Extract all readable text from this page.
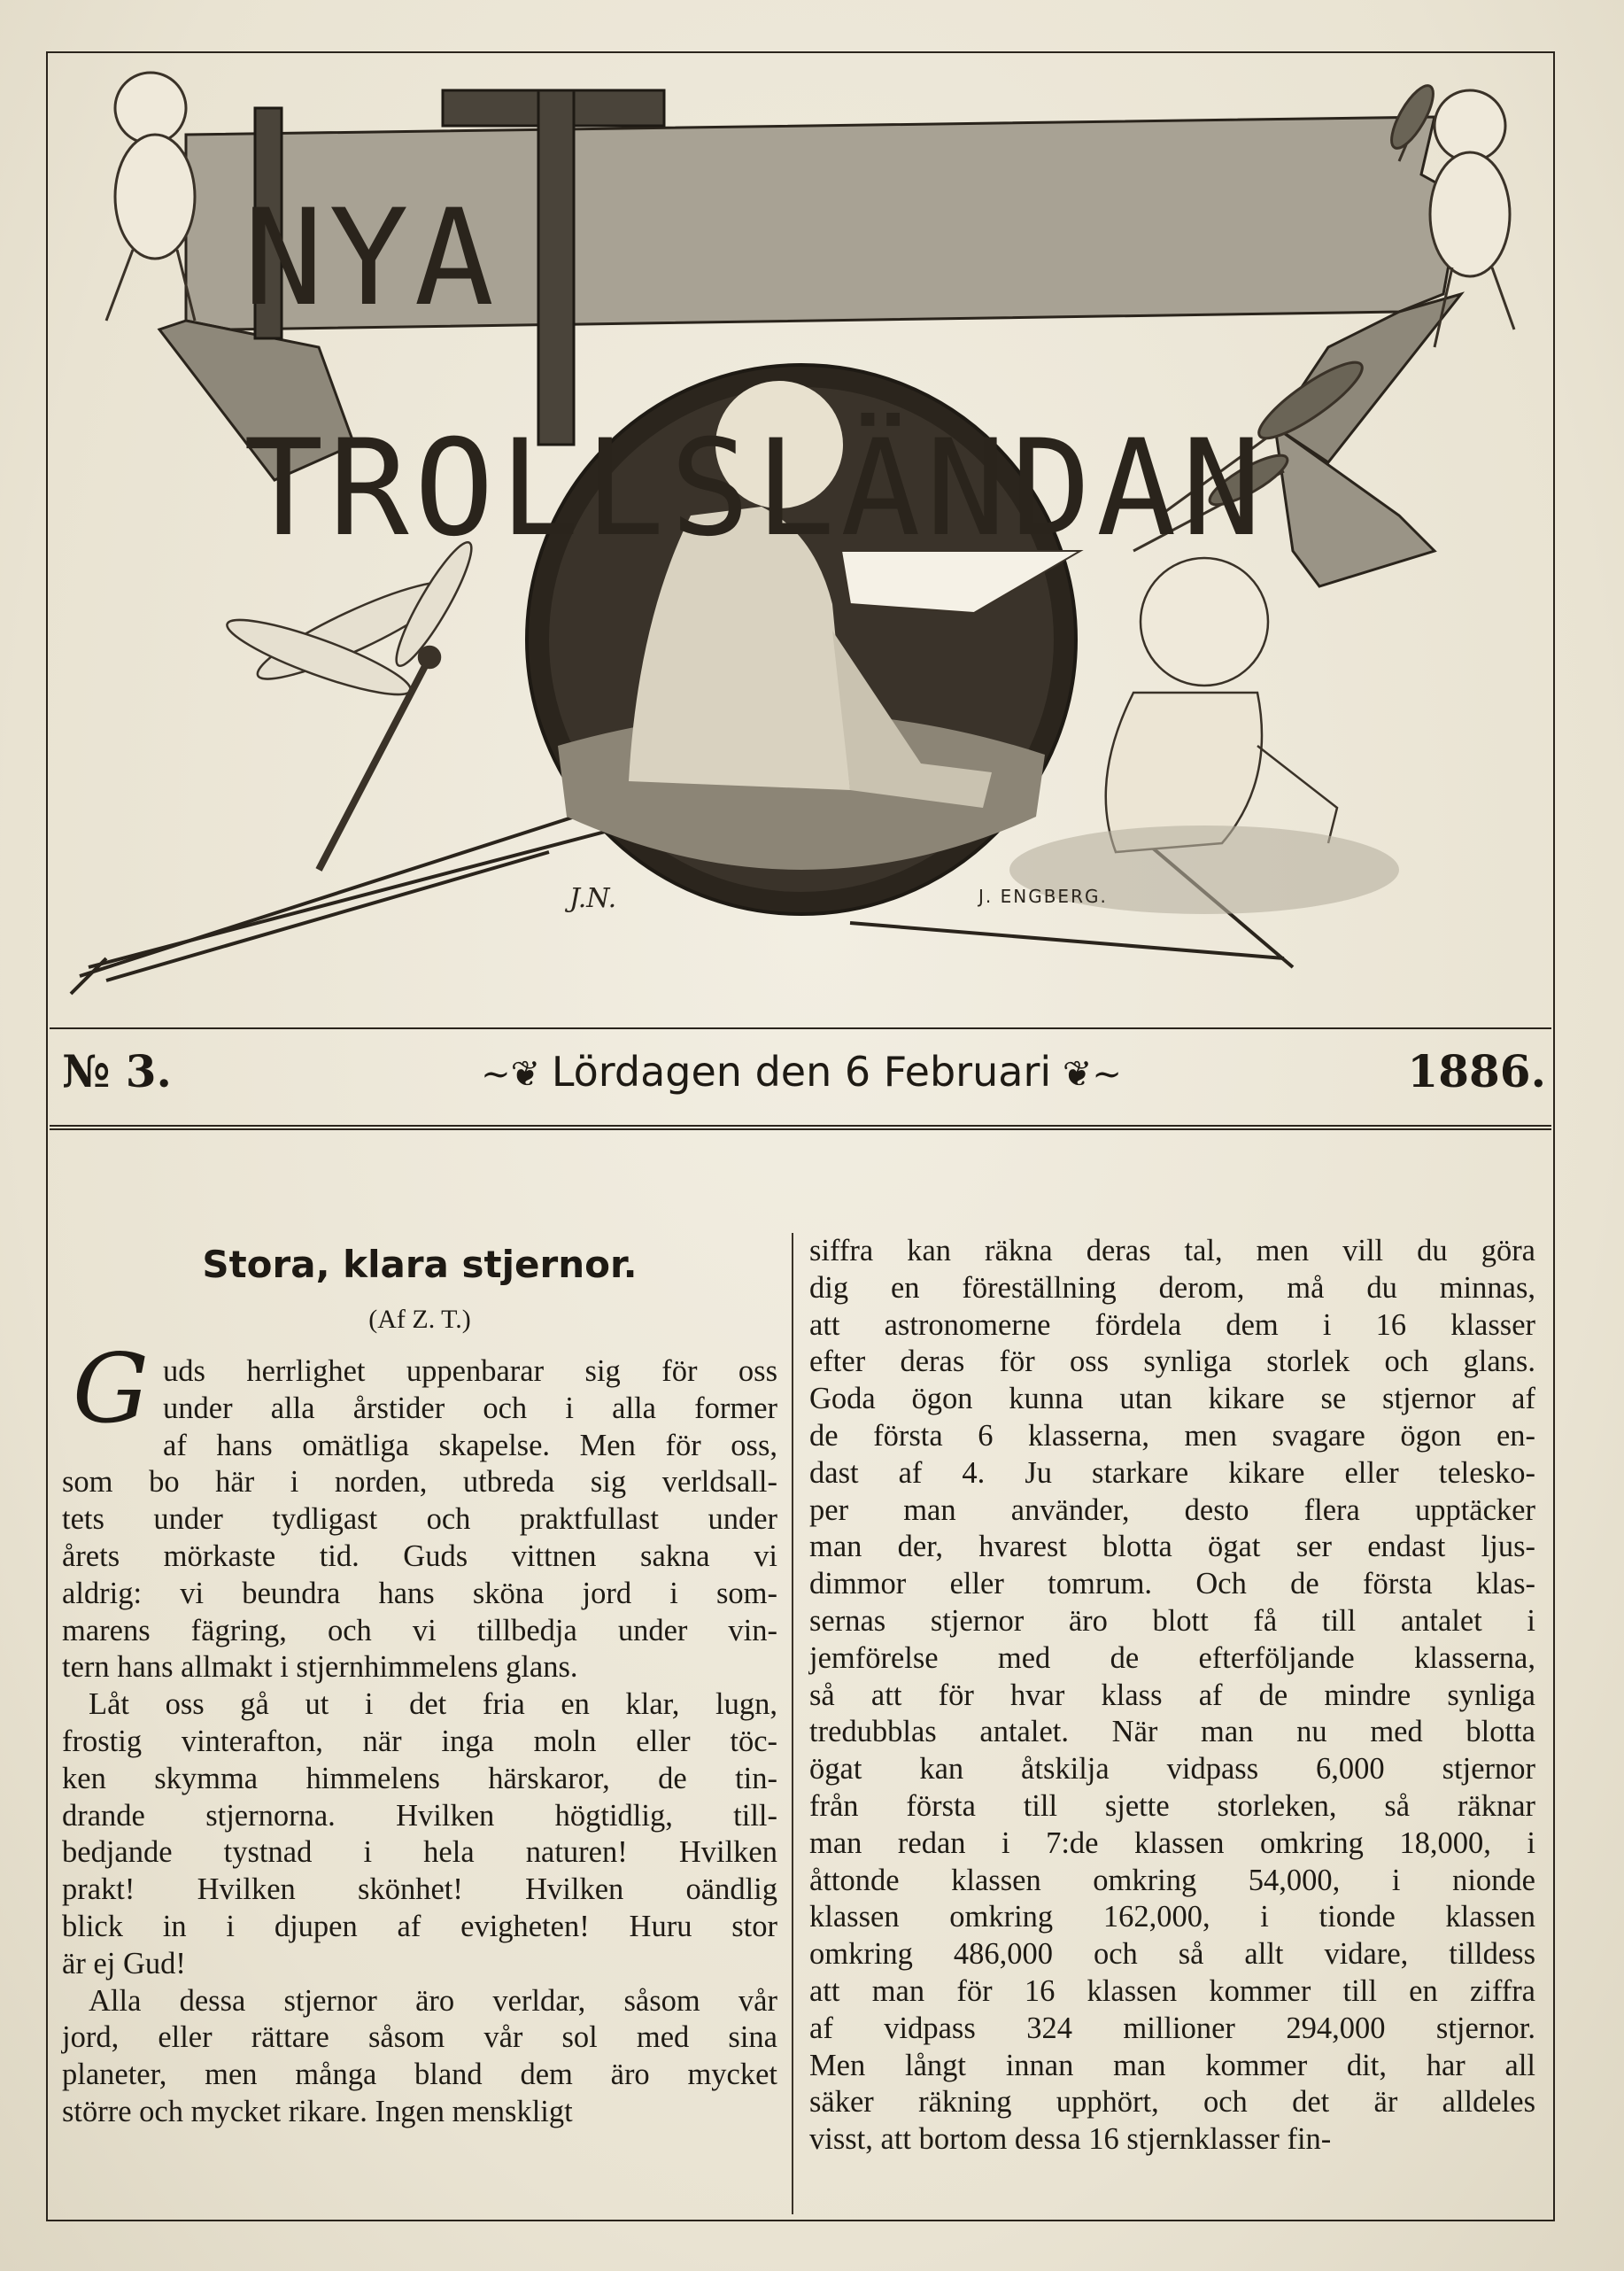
NYA TROLLSLÄNDAN
J.N.	J. ENGBERG.
~❦ Lördagen den 6 Februari ❦~
№ 3.	1886.
Stora, klara stjernor.
(Af Z. T.)
G uds herrlighet uppenbarar sig för oss
under alla årstider och i alla former
af hans omätliga skapelse. Men för oss,
som bo här i norden, utbreda sig verldsall-
tets under tydligast och praktfullast under
årets mörkaste tid. Guds vittnen sakna vi
aldrig: vi beundra hans sköna jord i som-
marens fägring, och vi tillbedja under vin-
tern hans allmakt i stjernhimmelens glans.
Låt oss gå ut i det fria en klar, lugn,
frostig vinterafton, när inga moln eller töc-
ken skymma himmelens härskaror, de tin-
drande stjernorna. Hvilken högtidlig, till-
bedjande tystnad i hela naturen! Hvilken
prakt! Hvilken skönhet! Hvilken oändlig
blick in i djupen af evigheten! Huru stor
är ej Gud!
Alla dessa stjernor äro verldar, såsom vår
jord, eller rättare såsom vår sol med sina
planeter, men många bland dem äro mycket
större och mycket rikare. Ingen menskligt
siffra kan räkna deras tal, men vill du göra
dig en föreställning derom, må du minnas,
att astronomerne fördela dem i 16 klasser
efter deras för oss synliga storlek och glans.
Goda ögon kunna utan kikare se stjernor af
de första 6 klasserna, men svagare ögon en-
dast af 4. Ju starkare kikare eller telesko-
per man använder, desto flera upptäcker
man der, hvarest blotta ögat ser endast ljus-
dimmor eller tomrum. Och de första klas-
sernas stjernor äro blott få till antalet i
jemförelse med de efterföljande klasserna,
så att för hvar klass af de mindre synliga
tredubblas antalet. När man nu med blotta
ögat kan åtskilja vidpass 6,000 stjernor
från första till sjette storleken, så räknar
man redan i 7:de klassen omkring 18,000, i
åttonde klassen omkring 54,000, i nionde
klassen omkring 162,000, i tionde klassen
omkring 486,000 och så allt vidare, tilldess
att man för 16 klassen kommer till en ziffra
af vidpass 324 millioner 294,000 stjernor.
Men långt innan man kommer dit, har all
säker räkning upphört, och det är alldeles
visst, att bortom dessa 16 stjernklasser fin-
